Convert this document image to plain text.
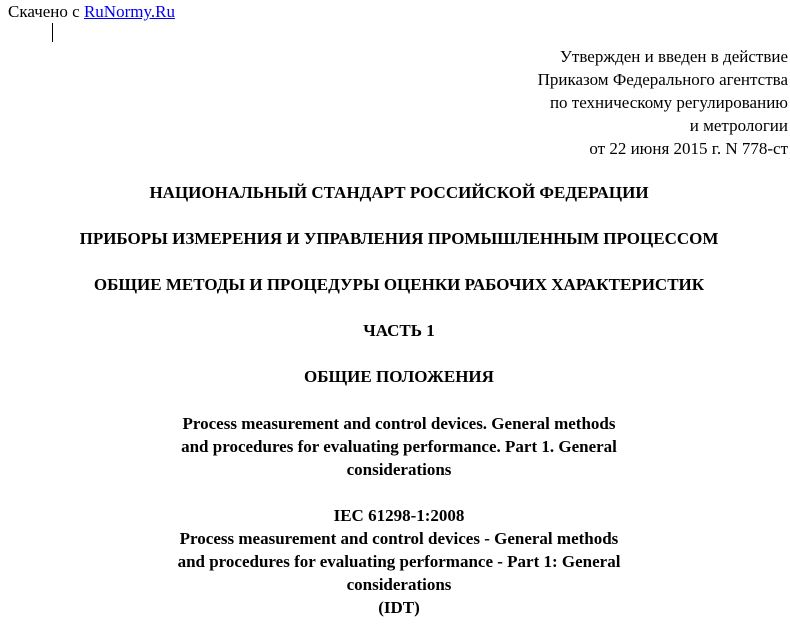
Скачено с RuNormy.Ru
Утвержден и введен в действие
Приказом Федерального агентства
по техническому регулированию
и метрологии
от 22 июня 2015 г. N 778-ст
НАЦИОНАЛЬНЫЙ СТАНДАРТ РОССИЙСКОЙ ФЕДЕРАЦИИ
ПРИБОРЫ ИЗМЕРЕНИЯ И УПРАВЛЕНИЯ ПРОМЫШЛЕННЫМ ПРОЦЕССОМ
ОБЩИЕ МЕТОДЫ И ПРОЦЕДУРЫ ОЦЕНКИ РАБОЧИХ ХАРАКТЕРИСТИК
ЧАСТЬ 1
ОБЩИЕ ПОЛОЖЕНИЯ
Process measurement and control devices. General methods
and procedures for evaluating performance. Part 1. General
considerations
IEC 61298-1:2008
Process measurement and control devices - General methods
and procedures for evaluating performance - Part 1: General
considerations
(IDT)
